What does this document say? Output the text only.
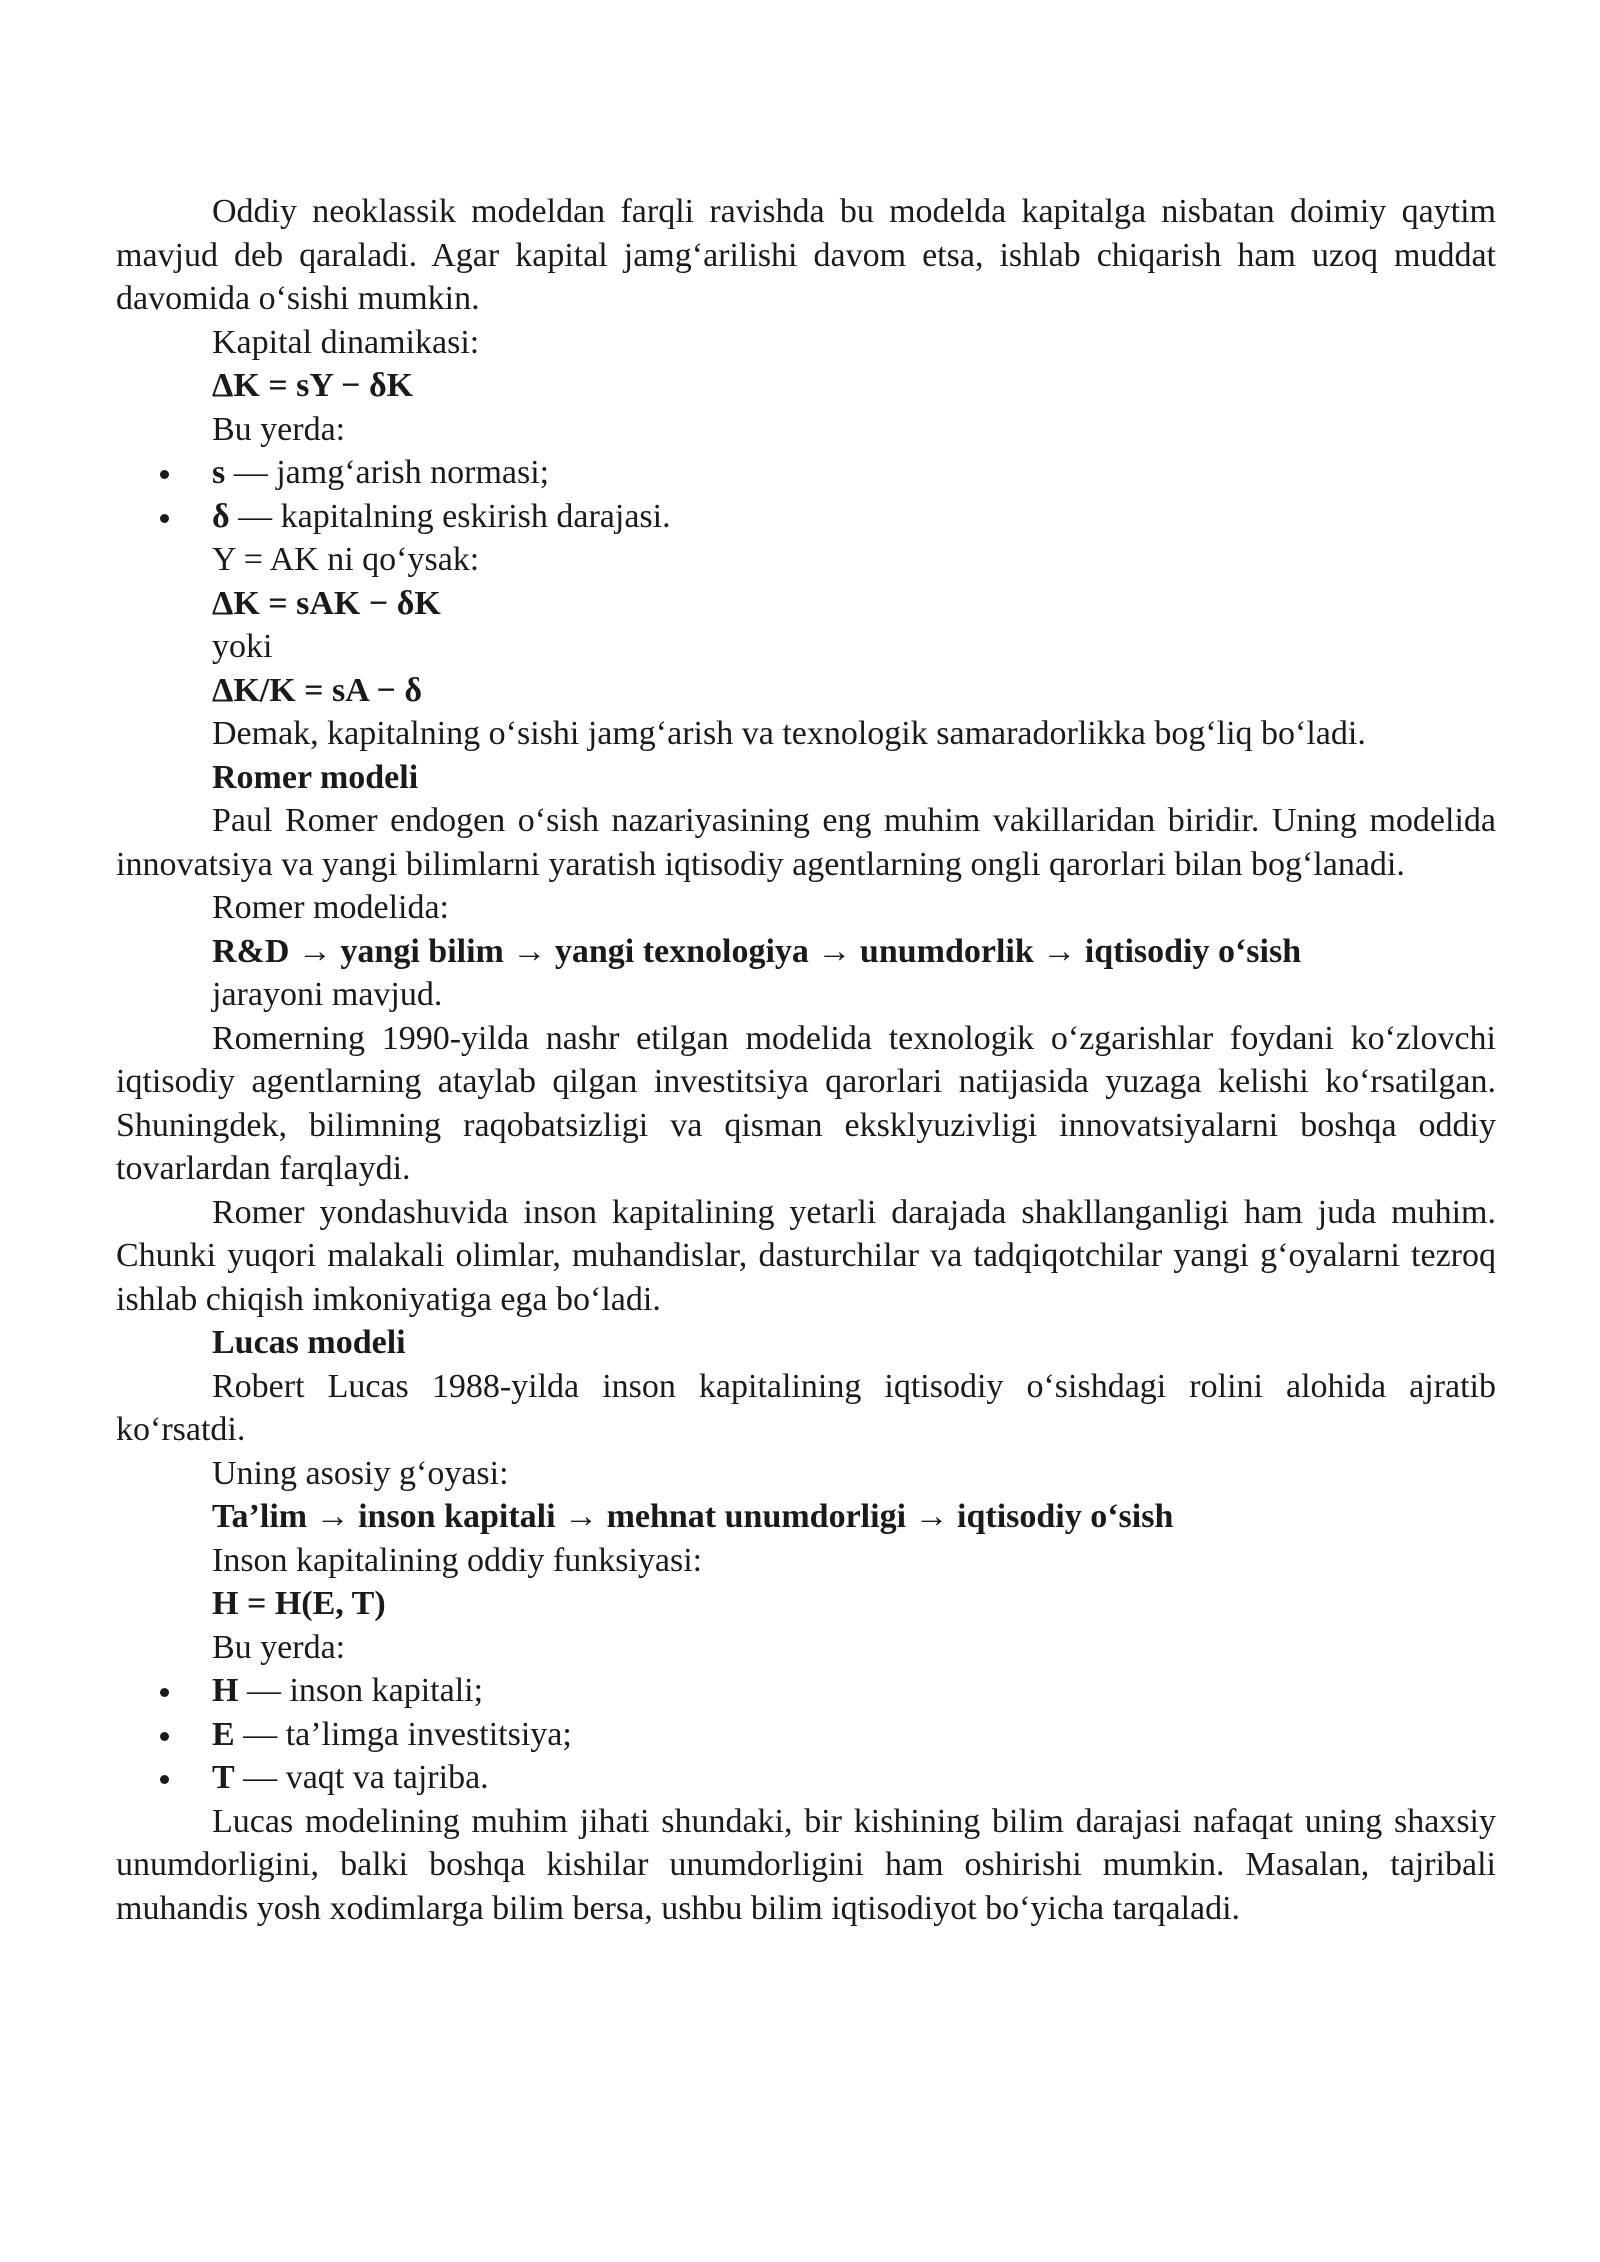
Oddiy neoklassik modeldan farqli ravishda bu modelda kapitalga nisbatan doimiy qaytim mavjud deb qaraladi. Agar kapital jamg‘arilishi davom etsa, ishlab chiqarish ham uzoq muddat davomida o‘sishi mumkin.

Kapital dinamikasi:

ΔK = sY − δK

Bu yerda:

s — jamg‘arish normasi;
δ — kapitalning eskirish darajasi.

Y = AK ni qo‘ysak:

ΔK = sAK − δK

yoki

ΔK/K = sA − δ

Demak, kapitalning o‘sishi jamg‘arish va texnologik samaradorlikka bog‘liq bo‘ladi.

Romer modeli

Paul Romer endogen o‘sish nazariyasining eng muhim vakillaridan biridir. Uning modelida innovatsiya va yangi bilimlarni yaratish iqtisodiy agentlarning ongli qarorlari bilan bog‘lanadi.

Romer modelida:

R&D → yangi bilim → yangi texnologiya → unumdorlik → iqtisodiy o‘sish

jarayoni mavjud.

Romerning 1990-yilda nashr etilgan modelida texnologik o‘zgarishlar foydani ko‘zlovchi iqtisodiy agentlarning ataylab qilgan investitsiya qarorlari natijasida yuzaga kelishi ko‘rsatilgan. Shuningdek, bilimning raqobatsizligi va qisman eksklyuzivligi innovatsiyalarni boshqa oddiy tovarlardan farqlaydi.

Romer yondashuvida inson kapitalining yetarli darajada shakllanganligi ham juda muhim. Chunki yuqori malakali olimlar, muhandislar, dasturchilar va tadqiqotchilar yangi g‘oyalarni tezroq ishlab chiqish imkoniyatiga ega bo‘ladi.

Lucas modeli

Robert Lucas 1988-yilda inson kapitalining iqtisodiy o‘sishdagi rolini alohida ajratib ko‘rsatdi.

Uning asosiy g‘oyasi:

Ta’lim → inson kapitali → mehnat unumdorligi → iqtisodiy o‘sish

Inson kapitalining oddiy funksiyasi:

H = H(E, T)

Bu yerda:

H — inson kapitali;
E — ta’limga investitsiya;
T — vaqt va tajriba.

Lucas modelining muhim jihati shundaki, bir kishining bilim darajasi nafaqat uning shaxsiy unumdorligini, balki boshqa kishilar unumdorligini ham oshirishi mumkin. Masalan, tajribali muhandis yosh xodimlarga bilim bersa, ushbu bilim iqtisodiyot bo‘yicha tarqaladi.
